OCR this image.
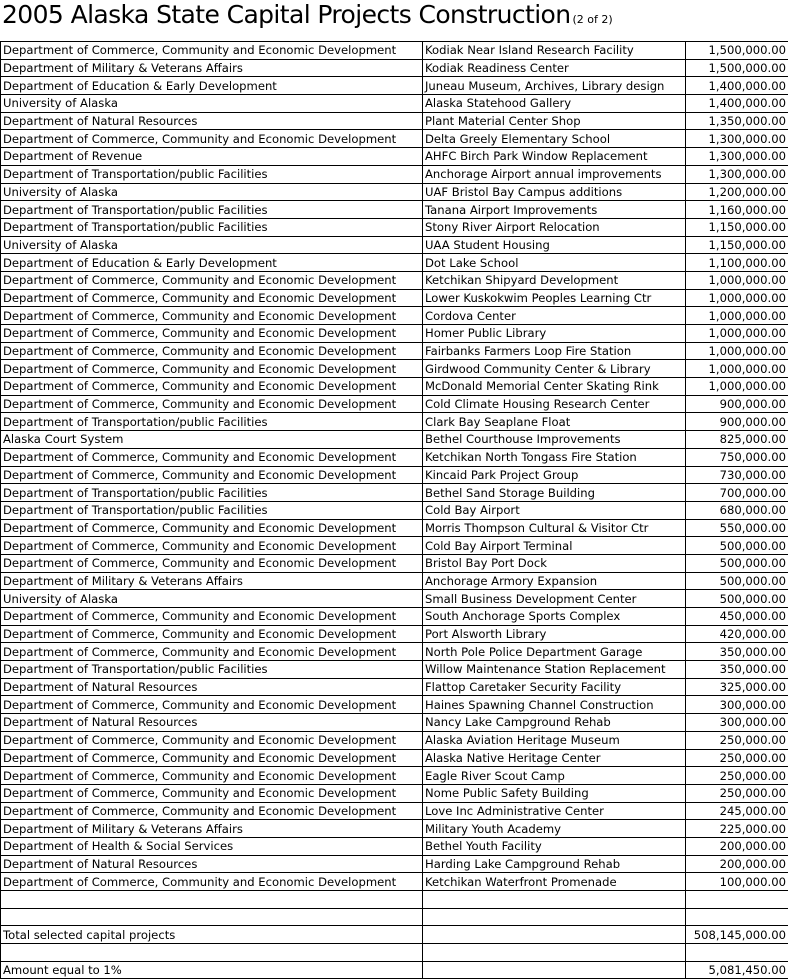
2005 Alaska State Capital Projects Construction (2 of 2)
Department of Commerce, Community and Economic Development	Kodiak Near Island Research Facility	1,500,000.00
Department of Military & Veterans Affairs	Kodiak Readiness Center	1,500,000.00
Department of Education & Early Development	Juneau Museum, Archives, Library design	1,400,000.00
University of Alaska	Alaska Statehood Gallery	1,400,000.00
Department of Natural Resources	Plant Material Center Shop	1,350,000.00
Department of Commerce, Community and Economic Development	Delta Greely Elementary School	1,300,000.00
Department of Revenue	AHFC Birch Park Window Replacement	1,300,000.00
Department of Transportation/public Facilities	Anchorage Airport annual improvements	1,300,000.00
University of Alaska	UAF Bristol Bay Campus additions	1,200,000.00
Department of Transportation/public Facilities	Tanana Airport Improvements	1,160,000.00
Department of Transportation/public Facilities	Stony River Airport Relocation	1,150,000.00
University of Alaska	UAA Student Housing	1,150,000.00
Department of Education & Early Development	Dot Lake School	1,100,000.00
Department of Commerce, Community and Economic Development	Ketchikan Shipyard Development	1,000,000.00
Department of Commerce, Community and Economic Development	Lower Kuskokwim Peoples Learning Ctr	1,000,000.00
Department of Commerce, Community and Economic Development	Cordova Center	1,000,000.00
Department of Commerce, Community and Economic Development	Homer Public Library	1,000,000.00
Department of Commerce, Community and Economic Development	Fairbanks Farmers Loop Fire Station	1,000,000.00
Department of Commerce, Community and Economic Development	Girdwood Community Center & Library	1,000,000.00
Department of Commerce, Community and Economic Development	McDonald Memorial Center Skating Rink	1,000,000.00
Department of Commerce, Community and Economic Development	Cold Climate Housing Research Center	900,000.00
Department of Transportation/public Facilities	Clark Bay Seaplane Float	900,000.00
Alaska Court System	Bethel Courthouse Improvements	825,000.00
Department of Commerce, Community and Economic Development	Ketchikan North Tongass Fire Station	750,000.00
Department of Commerce, Community and Economic Development	Kincaid Park Project Group	730,000.00
Department of Transportation/public Facilities	Bethel Sand Storage Building	700,000.00
Department of Transportation/public Facilities	Cold Bay Airport	680,000.00
Department of Commerce, Community and Economic Development	Morris Thompson Cultural & Visitor Ctr	550,000.00
Department of Commerce, Community and Economic Development	Cold Bay Airport Terminal	500,000.00
Department of Commerce, Community and Economic Development	Bristol Bay Port Dock	500,000.00
Department of Military & Veterans Affairs	Anchorage Armory Expansion	500,000.00
University of Alaska	Small Business Development Center	500,000.00
Department of Commerce, Community and Economic Development	South Anchorage Sports Complex	450,000.00
Department of Commerce, Community and Economic Development	Port Alsworth Library	420,000.00
Department of Commerce, Community and Economic Development	North Pole Police Department Garage	350,000.00
Department of Transportation/public Facilities	Willow Maintenance Station Replacement	350,000.00
Department of Natural Resources	Flattop Caretaker Security Facility	325,000.00
Department of Commerce, Community and Economic Development	Haines Spawning Channel Construction	300,000.00
Department of Natural Resources	Nancy Lake Campground Rehab	300,000.00
Department of Commerce, Community and Economic Development	Alaska Aviation Heritage Museum	250,000.00
Department of Commerce, Community and Economic Development	Alaska Native Heritage Center	250,000.00
Department of Commerce, Community and Economic Development	Eagle River Scout Camp	250,000.00
Department of Commerce, Community and Economic Development	Nome Public Safety Building	250,000.00
Department of Commerce, Community and Economic Development	Love Inc Administrative Center	245,000.00
Department of Military & Veterans Affairs	Military Youth Academy	225,000.00
Department of Health & Social Services	Bethel Youth Facility	200,000.00
Department of Natural Resources	Harding Lake Campground Rehab	200,000.00
Department of Commerce, Community and Economic Development	Ketchikan Waterfront Promenade	100,000.00

Total selected capital projects		508,145,000.00

Amount equal to 1%		5,081,450.00
